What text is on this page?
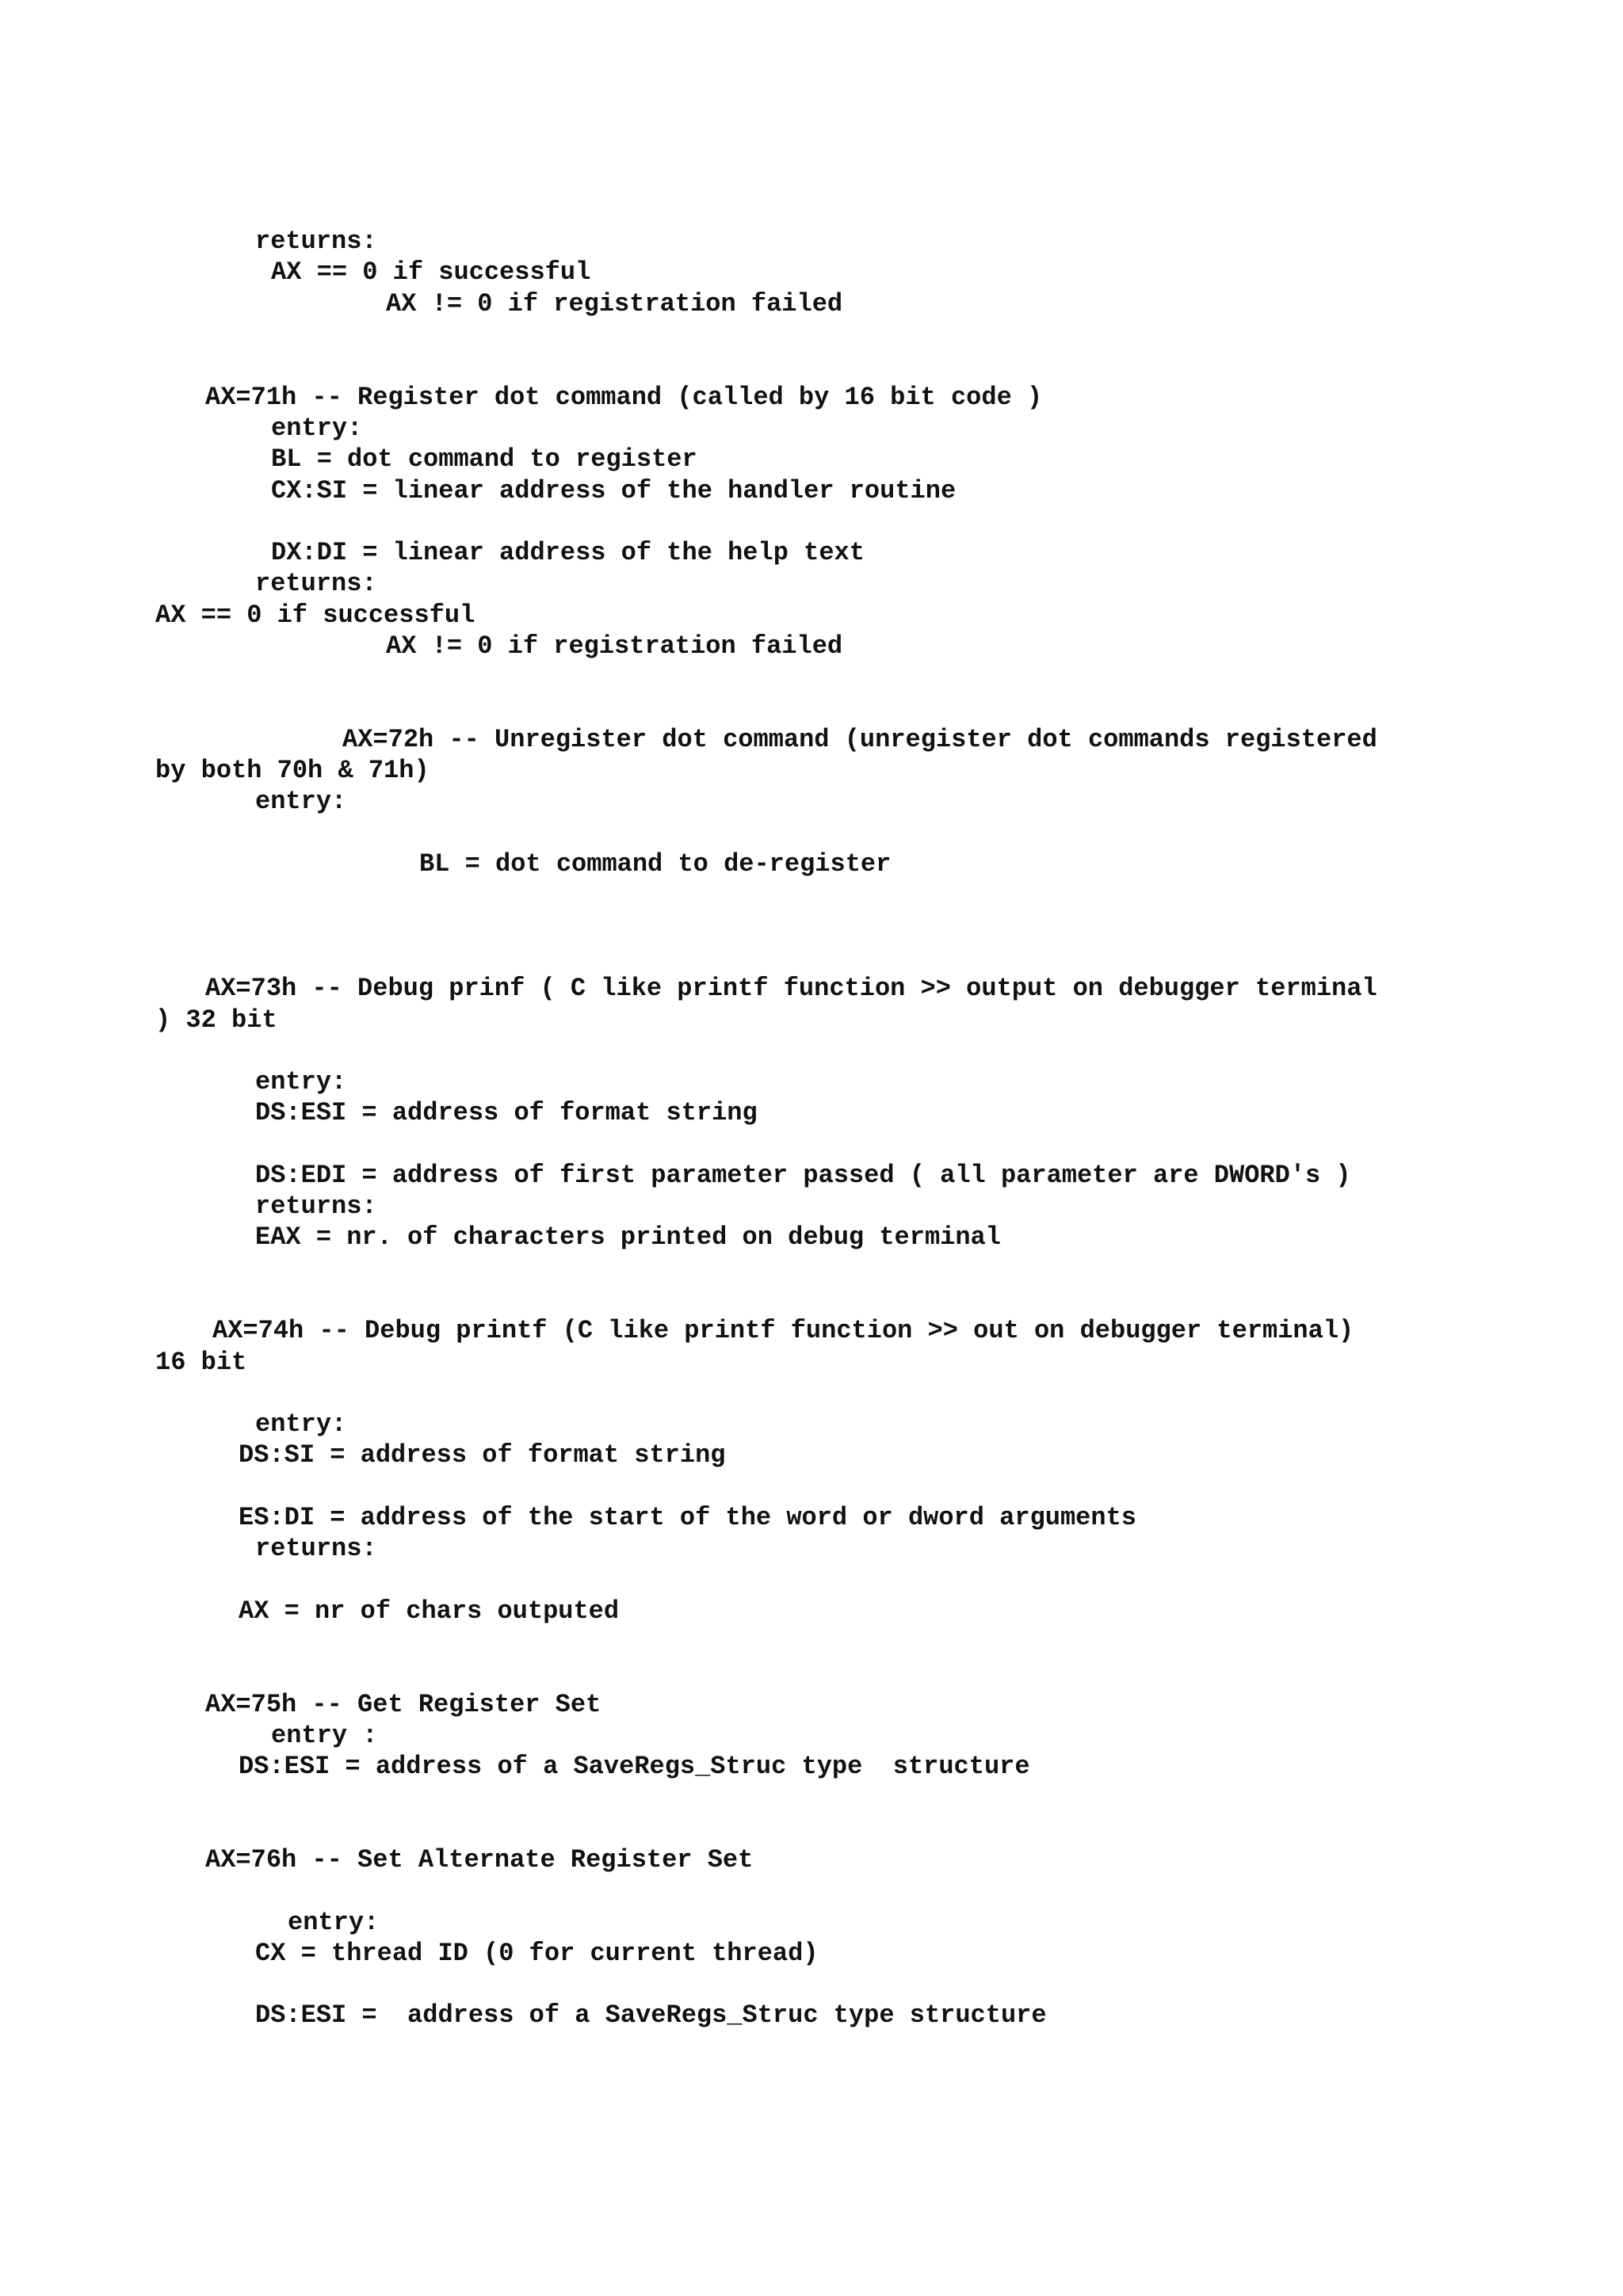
returns:
AX == 0 if successful
AX != 0 if registration failed
AX=71h -- Register dot command (called by 16 bit code )
entry:
BL = dot command to register
CX:SI = linear address of the handler routine
DX:DI = linear address of the help text
returns:
AX == 0 if successful
AX != 0 if registration failed
AX=72h -- Unregister dot command (unregister dot commands registered
by both 70h & 71h)
entry:
BL = dot command to de-register
AX=73h -- Debug prinf ( C like printf function >> output on debugger terminal
) 32 bit
entry:
DS:ESI = address of format string
DS:EDI = address of first parameter passed ( all parameter are DWORD's )
returns:
EAX = nr. of characters printed on debug terminal
AX=74h -- Debug printf (C like printf function >> out on debugger terminal)
16 bit
entry:
DS:SI = address of format string
ES:DI = address of the start of the word or dword arguments
returns:
AX = nr of chars outputed
AX=75h -- Get Register Set
entry :
DS:ESI = address of a SaveRegs_Struc type  structure
AX=76h -- Set Alternate Register Set
entry:
CX = thread ID (0 for current thread)
DS:ESI =  address of a SaveRegs_Struc type structure
